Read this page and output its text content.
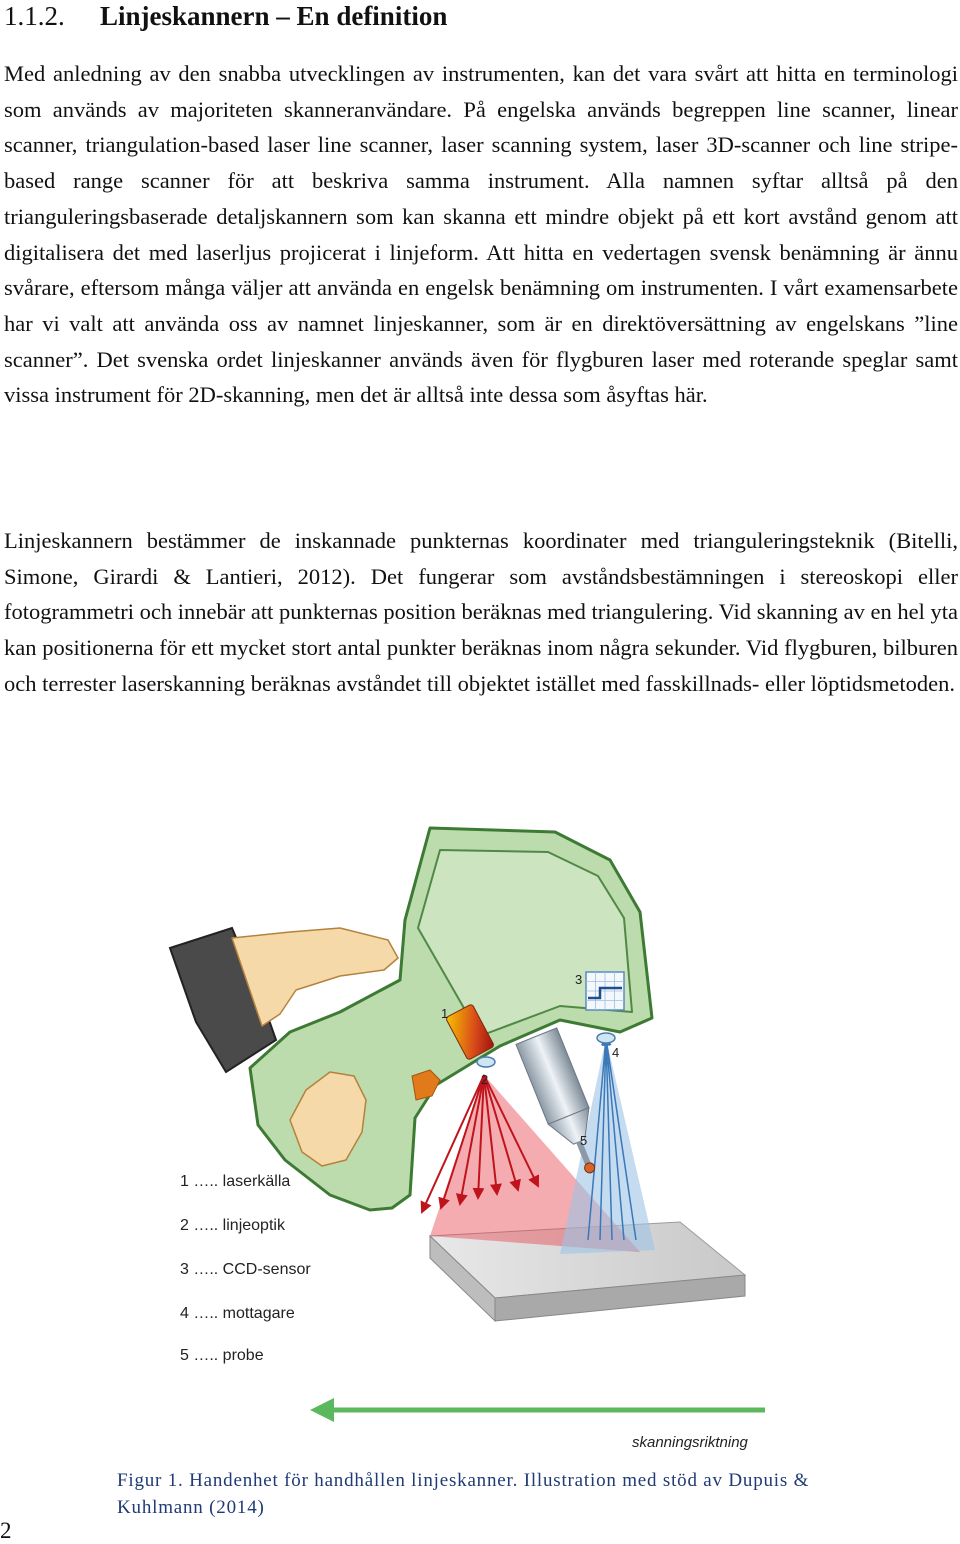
1.1.2. Linjeskannern – En definition

Med anledning av den snabba utvecklingen av instrumenten, kan det vara svårt att hitta en terminologi som används av majoriteten skanneranvändare. På engelska används begreppen line scanner, linear scanner, triangulation-based laser line scanner, laser scanning system, laser 3D-scanner och line stripe-based range scanner för att beskriva samma instrument. Alla namnen syftar alltså på den trianguleringsbaserade detaljskannern som kan skanna ett mindre objekt på ett kort avstånd genom att digitalisera det med laserljus projicerat i linjeform. Att hitta en vedertagen svensk benämning är ännu svårare, eftersom många väljer att använda en engelsk benämning om instrumenten. I vårt examensarbete har vi valt att använda oss av namnet linjeskanner, som är en direktöversättning av engelskans ”line scanner”. Det svenska ordet linjeskanner används även för flygburen laser med roterande speglar samt vissa instrument för 2D-skanning, men det är alltså inte dessa som åsyftas här.

Linjeskannern bestämmer de inskannade punkternas koordinater med trianguleringsteknik (Bitelli, Simone, Girardi & Lantieri, 2012). Det fungerar som avståndsbestämningen i stereoskopi eller fotogrammetri och innebär att punkternas position beräknas med triangulering. Vid skanning av en hel yta kan positionerna för ett mycket stort antal punkter beräknas inom några sekunder. Vid flygburen, bilburen och terrester laserskanning beräknas avståndet till objektet istället med fasskillnads- eller löptidsmetoden.

1
2
3
4
5
1 ….. laserkälla
2 ….. linjeoptik
3 ….. CCD-sensor
4 ….. mottagare
5 ….. probe
skanningsriktning

Figur 1. Handenhet för handhållen linjeskanner. Illustration med stöd av Dupuis & Kuhlmann (2014)

2
